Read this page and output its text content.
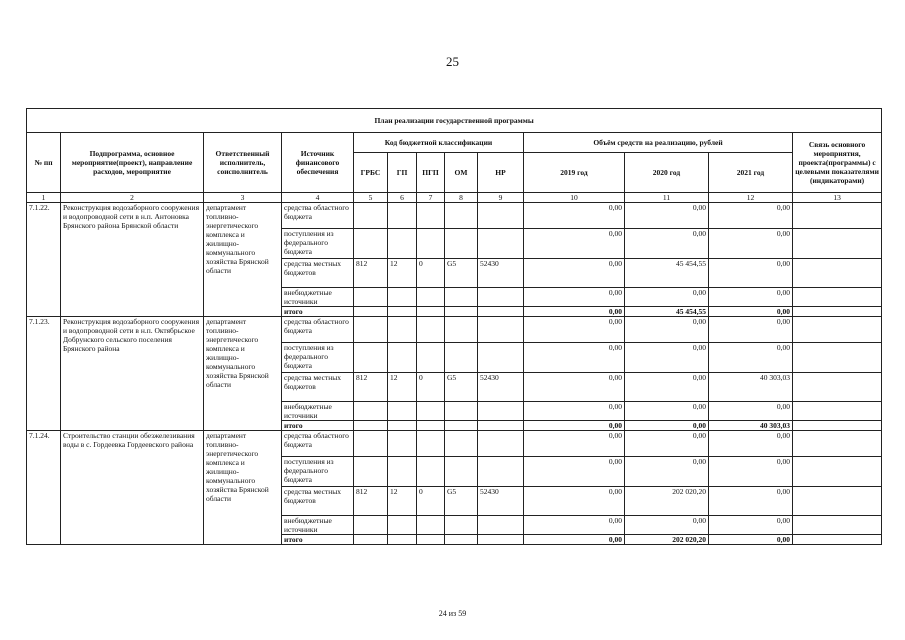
25
План реализации государственной программы												
№ пп	Подпрограмма, основное мероприятие(проект), направление расходов, мероприятие	Ответственный исполнитель, соисполнитель	Источник финансового обеспечения	Код бюджетной классификации					Объём средств на реализацию, рублей			Связь основного мероприятия, проекта(программы) с целевыми показателями (индикаторами)
				ГРБС	ГП	ПГП	ОМ	НР	2019 год	2020 год	2021 год	
1	2	3	4	5	6	7	8	9	10	11	12	13
7.1.22.	Реконструкция водозаборного сооружения и водопроводной сети в н.п. Антоновка Брянского района Брянской области	департамент топливно-энергетического комплекса и жилищно-коммунального хозяйства Брянской области	средства областного бюджета						0,00	0,00	0,00	
			поступления из федерального бюджета						0,00	0,00	0,00	
			средства местных бюджетов	812	12	0	G5	52430	0,00	45 454,55	0,00	
			внебюджетные источники						0,00	0,00	0,00	
			итого						0,00	45 454,55	0,00	
7.1.23.	Реконструкция водозаборного сооружения и водопроводной сети в н.п. Октябрьское Добрунского сельского поселения Брянского района	департамент топливно-энергетического комплекса и жилищно-коммунального хозяйства Брянской области	средства областного бюджета						0,00	0,00	0,00	
			поступления из федерального бюджета						0,00	0,00	0,00	
			средства местных бюджетов	812	12	0	G5	52430	0,00	0,00	40 303,03	
			внебюджетные источники						0,00	0,00	0,00	
			итого						0,00	0,00	40 303,03	
7.1.24.	Строительство станции обезжелезивания воды в с. Гордеевка Гордеевского района	департамент топливно-энергетического комплекса и жилищно-коммунального хозяйства Брянской области	средства областного бюджета						0,00	0,00	0,00	
			поступления из федерального бюджета						0,00	0,00	0,00	
			средства местных бюджетов	812	12	0	G5	52430	0,00	202 020,20	0,00	
			внебюджетные источники						0,00	0,00	0,00	
			итого						0,00	202 020,20	0,00	
24 из 59
